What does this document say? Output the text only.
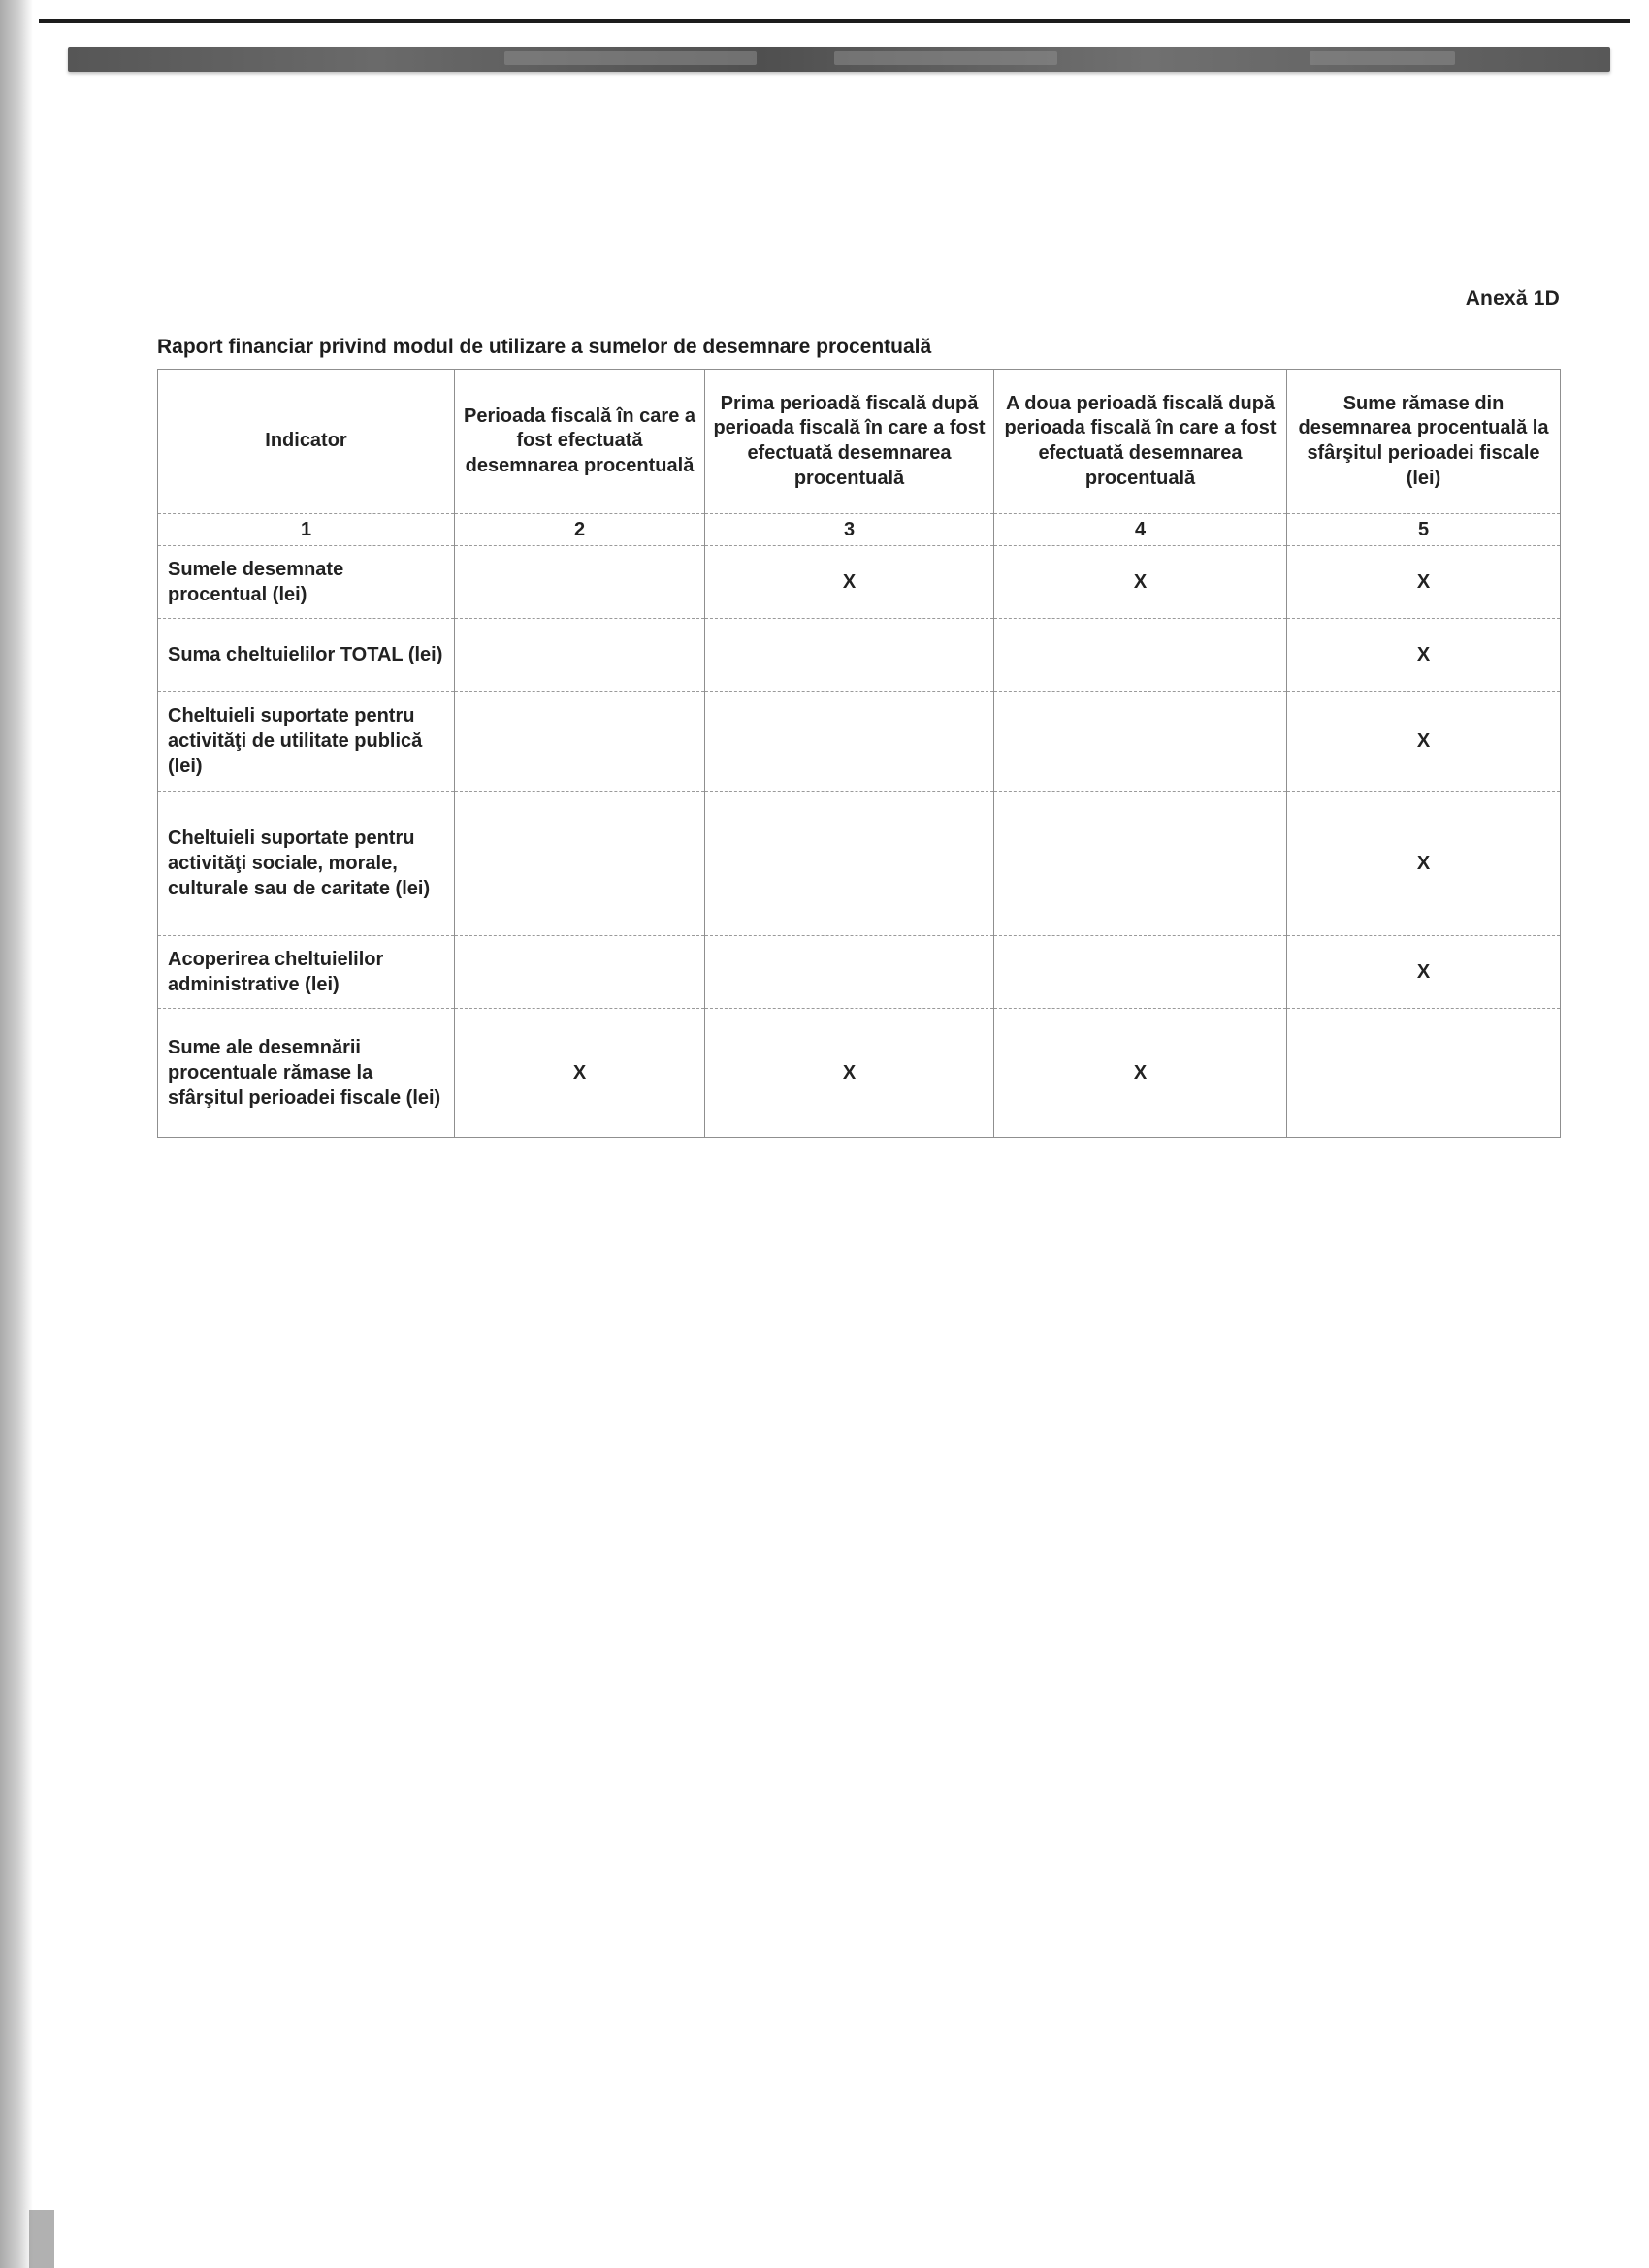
Anexă 1D
Raport financiar privind modul de utilizare a sumelor de desemnare procentuală
Indicator	Perioada fiscală în care a fost efectuată desemnarea procentuală	Prima perioadă fiscală după perioada fiscală în care a fost efectuată desemnarea procentuală	A doua perioadă fiscală după perioada fiscală în care a fost efectuată desemnarea procentuală	Sume rămase din desemnarea procentuală la sfârşitul perioadei fiscale (lei)
1	2	3	4	5
Sumele desemnate procentual (lei)		X	X	X
Suma cheltuielilor TOTAL (lei)				X
Cheltuieli suportate pentru activităţi de utilitate publică (lei)				X
Cheltuieli suportate pentru activităţi sociale, morale, culturale sau de caritate (lei)				X
Acoperirea cheltuielilor administrative (lei)				X
Sume ale desemnării procentuale rămase la sfârşitul perioadei fiscale (lei)	X	X	X	
